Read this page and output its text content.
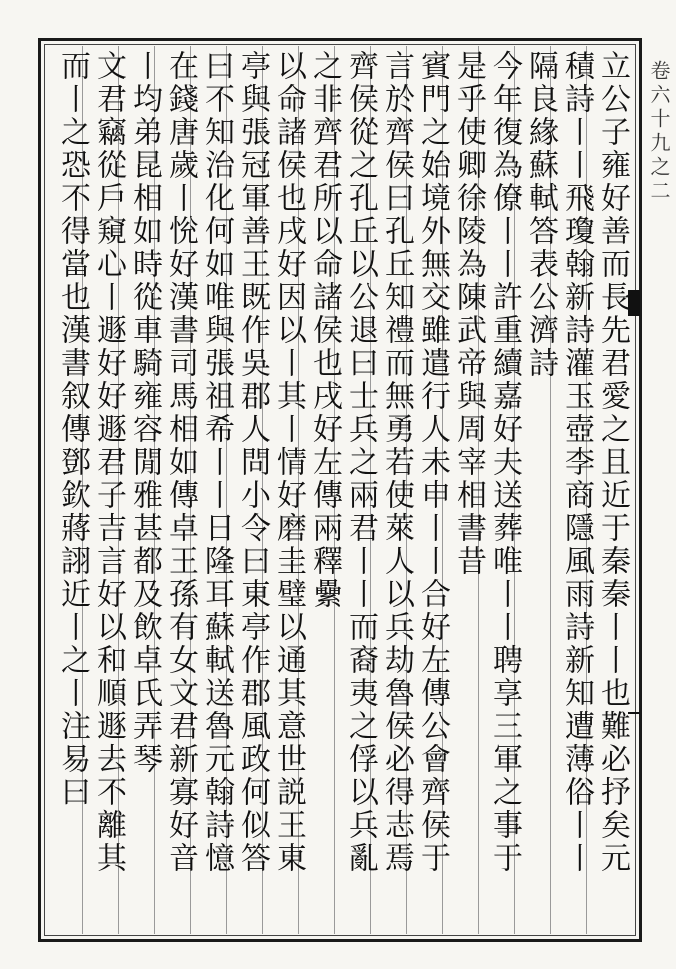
卷六十九之二
立公子雍好善而長先君愛之且近于秦秦丨丨也難必抒矣元
積詩丨丨飛瓊翰新詩灌玉壺李商隱風雨詩新知遭薄俗丨丨
隔良緣蘇軾答表公濟詩
今年復為僚丨丨許重續嘉好夫送葬唯丨丨聘享三軍之事于
是乎使卿徐陵為陳武帝與周宰相書昔
賓門之始境外無交雖遣行人未申丨丨合好左傳公會齊侯于
言於齊侯曰孔丘知禮而無勇若使萊人以兵劫魯侯必得志焉
齊侯從之孔丘以公退曰士兵之兩君丨丨而裔夷之俘以兵亂
之非齊君所以命諸侯也戌好左傳兩釋纍
以命諸侯也戌好因以丨其丨情好磨圭璧以通其意世説王東
亭與張冠軍善王既作吳郡人問小令曰東亭作郡風政何似答
曰不知治化何如唯與張祖希丨丨日隆耳蘇軾送魯元翰詩憶
在錢唐歲丨恱好漢書司馬相如傳卓王孫有女文君新寡好音
丨均弟昆相如時從車騎雍容閒雅甚都及飲卓氏弄琴
文君竊從戶窺心丨遯好好遯君子吉言好以和順遯去不離其
而丨之恐不得當也漢書叙傳鄧欽蔣詡近丨之丨注易曰
